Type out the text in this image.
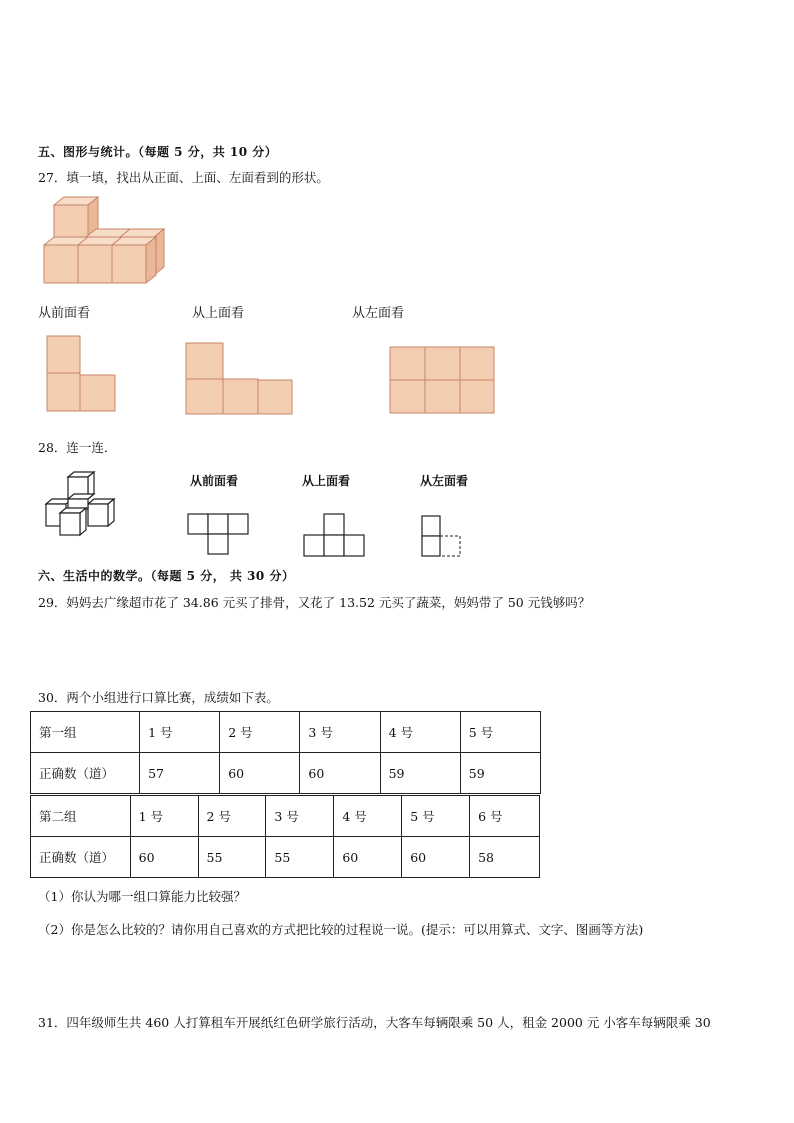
五、图形与统计。（每题 5 分，共 10 分）
27．填一填，找出从正面、上面、左面看到的形状。
从前面看	从上面看	从左面看
28．连一连．
从前面看	从上面看	从左面看
六、生活中的数学。（每题 5 分， 共 30 分）
29．妈妈去广缘超市花了 34.86 元买了排骨，又花了 13.52 元买了蔬菜，妈妈带了 50 元钱够吗？
30．两个小组进行口算比赛，成绩如下表。
第一组	1 号	2 号	3 号	4 号	5 号
正确数（道）	57	60	60	59	59
第二组	1 号	2 号	3 号	4 号	5 号	6 号
正确数（道）	60	55	55	60	60	58
（1）你认为哪一组口算能力比较强？
（2）你是怎么比较的？请你用自己喜欢的方式把比较的过程说一说。(提示：可以用算式、文字、图画等方法)
31．四年级师生共 460 人打算租车开展纸红色研学旅行活动，大客车每辆限乘 50 人，租金 2000 元 小客车每辆限乘 30
